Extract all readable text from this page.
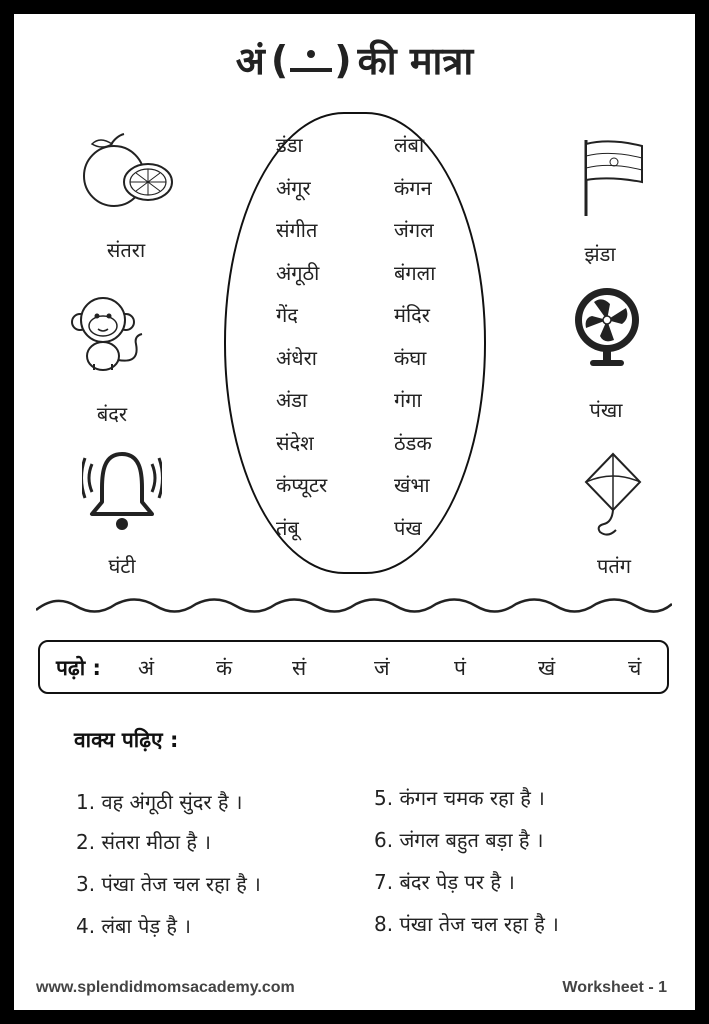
अं ( ) की मात्रा
संतरा
बंदर
घंटी
झंडा
पंखा
पतंग
डंडा
अंगूर
संगीत
अंगूठी
गेंद
अंधेरा
अंडा
संदेश
कंप्यूटर
तंबू
लंबा
कंगन
जंगल
बंगला
मंदिर
कंघा
गंगा
ठंडक
खंभा
पंख
पढ़ो : अं	कं	सं	जं	पं	खं	चं
वाक्य पढ़िए :
1. वह अंगूठी सुंदर है ।
2. संतरा मीठा है ।
3. पंखा तेज चल रहा है ।
4. लंबा पेड़ है ।
5. कंगन चमक रहा है ।
6. जंगल बहुत बड़ा है ।
7. बंदर पेड़ पर है ।
8. पंखा तेज चल रहा है ।
www.splendidmomsacademy.com	Worksheet - 1
